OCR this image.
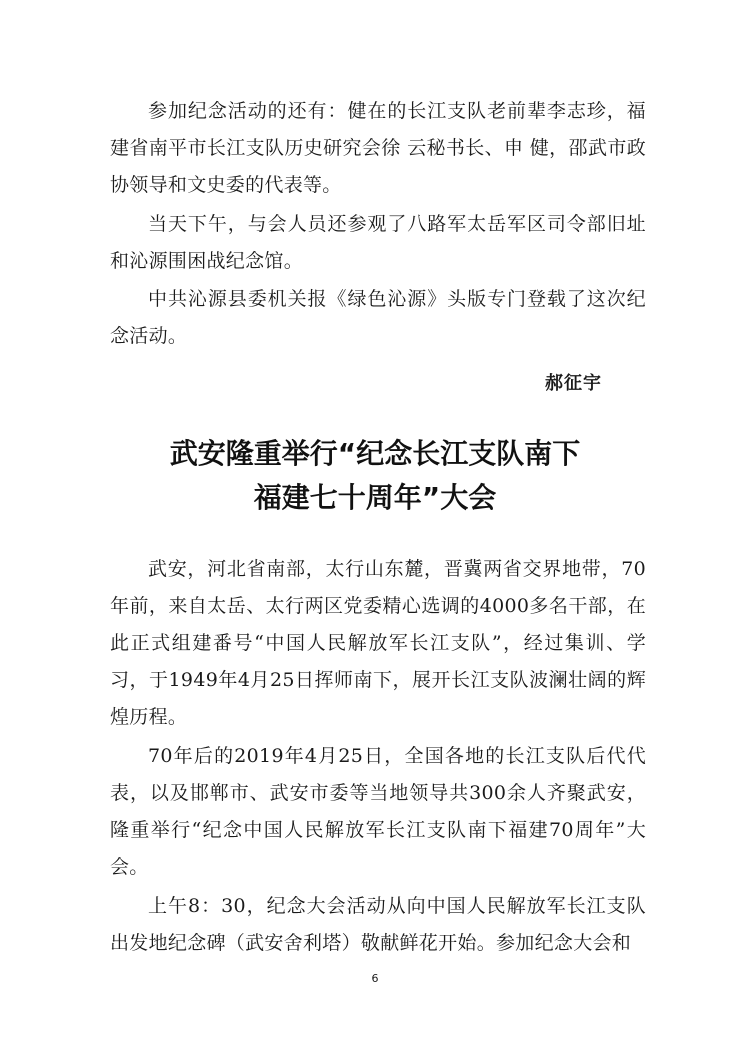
参加纪念活动的还有：健在的长江支队老前辈李志珍，福建省南平市长江支队历史研究会徐 云秘书长、申 健，邵武市政协领导和文史委的代表等。

当天下午，与会人员还参观了八路军太岳军区司令部旧址和沁源围困战纪念馆。

中共沁源县委机关报《绿色沁源》头版专门登载了这次纪念活动。

郝征宇

武安隆重举行“纪念长江支队南下
福建七十周年”大会

武安，河北省南部，太行山东麓，晋冀两省交界地带，70年前，来自太岳、太行两区党委精心选调的4000多名干部，在此正式组建番号“中国人民解放军长江支队”，经过集训、学习，于1949年4月25日挥师南下，展开长江支队波澜壮阔的辉煌历程。

70年后的2019年4月25日，全国各地的长江支队后代代表，以及邯郸市、武安市委等当地领导共300余人齐聚武安，隆重举行“纪念中国人民解放军长江支队南下福建70周年”大会。

上午8：30，纪念大会活动从向中国人民解放军长江支队出发地纪念碑（武安舍利塔）敬献鲜花开始。参加纪念大会和

6
